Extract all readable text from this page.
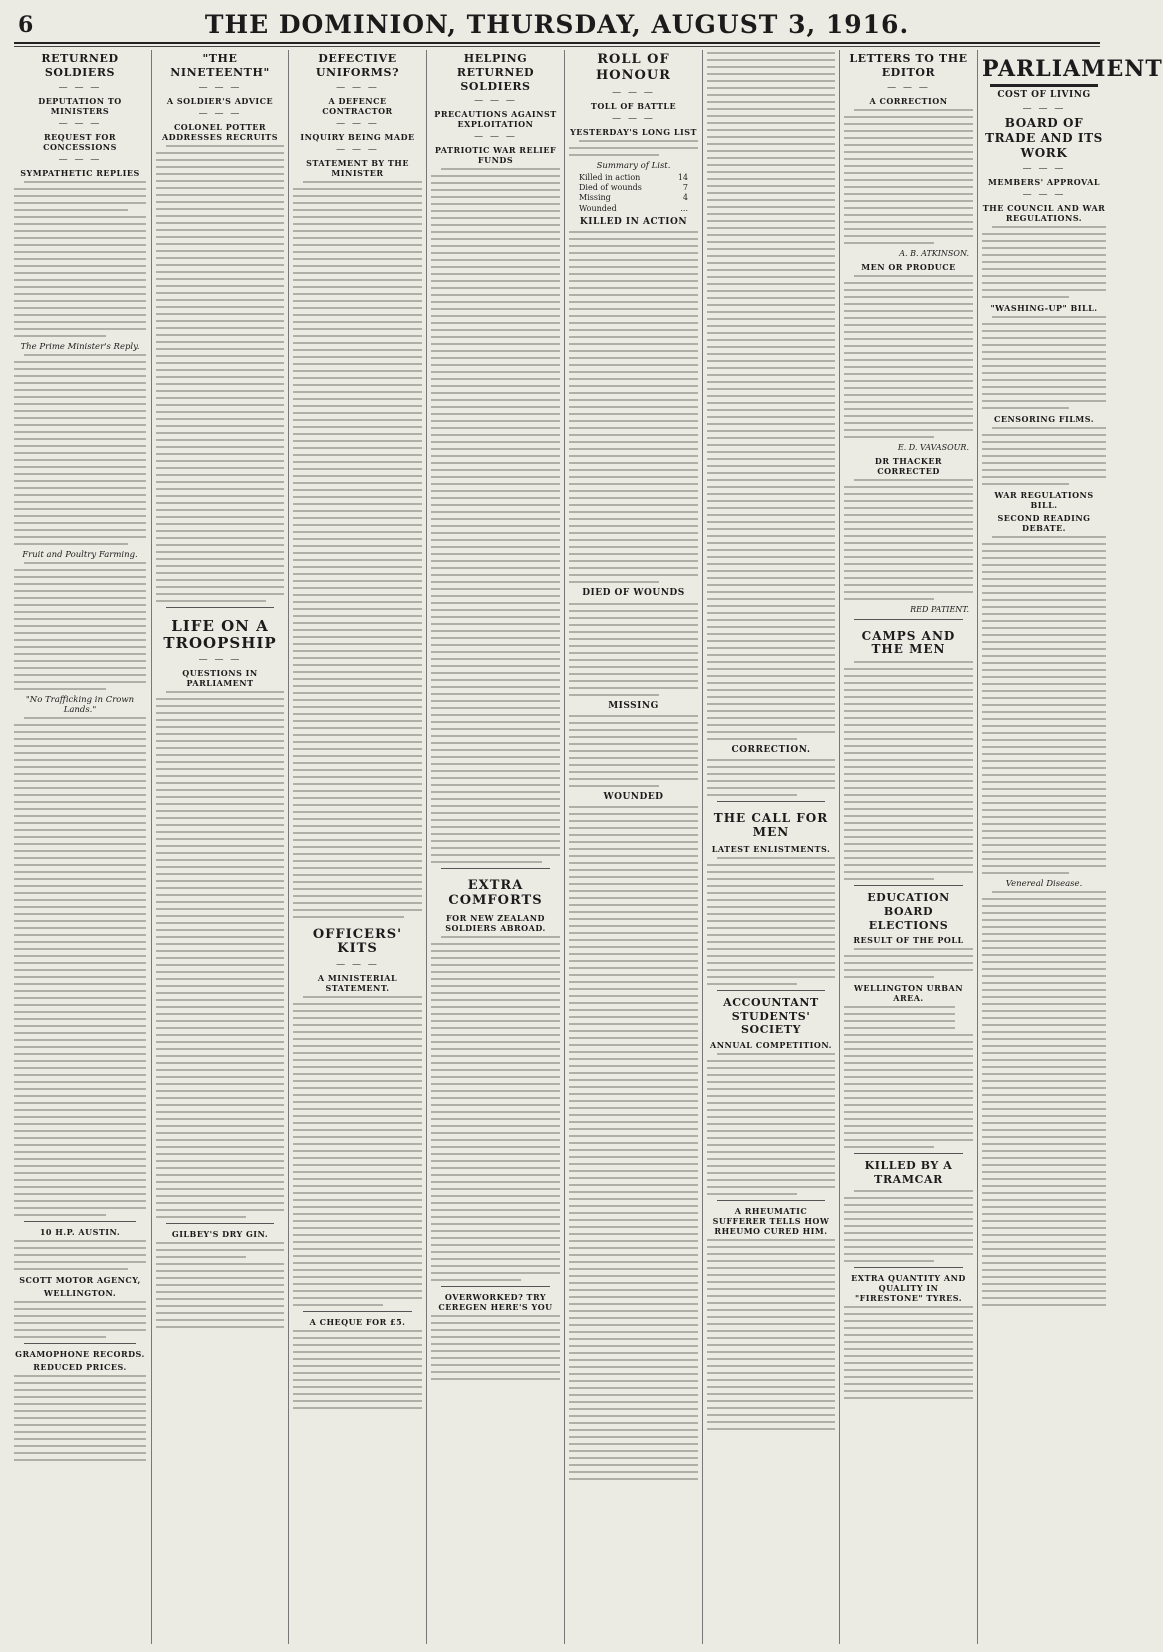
6	THE DOMINION, THURSDAY, AUGUST 3, 1916.
RETURNED SOLDIERS
— — —
DEPUTATION TO MINISTERS
— — —
REQUEST FOR CONCESSIONS
— — —
SYMPATHETIC REPLIES
The Prime Minister's Reply.
Fruit and Poultry Farming.
"No Trafficking in Crown Lands."
10 H.P. AUSTIN.
SCOTT MOTOR AGENCY,
WELLINGTON.
GRAMOPHONE RECORDS.
REDUCED PRICES.
"THE NINETEENTH"
— — —
A SOLDIER'S ADVICE
— — —
COLONEL POTTER ADDRESSES RECRUITS
LIFE ON A TROOPSHIP
— — —
QUESTIONS IN PARLIAMENT
GILBEY'S DRY GIN.
DEFECTIVE UNIFORMS?
— — —
A DEFENCE CONTRACTOR
— — —
INQUIRY BEING MADE
— — —
STATEMENT BY THE MINISTER
OFFICERS' KITS
— — —
A MINISTERIAL STATEMENT.
A CHEQUE FOR £5.
HELPING RETURNED SOLDIERS
— — —
PRECAUTIONS AGAINST EXPLOITATION
— — —
PATRIOTIC WAR RELIEF FUNDS
EXTRA COMFORTS
FOR NEW ZEALAND SOLDIERS ABROAD.
OVERWORKED? TRY CEREGEN HERE'S YOU
ROLL OF HONOUR
— — —
TOLL OF BATTLE
— — —
YESTERDAY'S LONG LIST
Summary of List.
Killed in action	14
Died of wounds	7
Missing	4
Wounded	...
KILLED IN ACTION
DIED OF WOUNDS
MISSING
WOUNDED
CORRECTION.
THE CALL FOR MEN
LATEST ENLISTMENTS.
ACCOUNTANT STUDENTS' SOCIETY
ANNUAL COMPETITION.
A RHEUMATIC SUFFERER TELLS HOW RHEUMO CURED HIM.
LETTERS TO THE EDITOR
— — —
A CORRECTION
A. B. ATKINSON.
MEN OR PRODUCE
E. D. VAVASOUR.
DR THACKER CORRECTED
RED PATIENT.
CAMPS AND THE MEN
EDUCATION BOARD ELECTIONS
RESULT OF THE POLL
WELLINGTON URBAN AREA.
KILLED BY A TRAMCAR
EXTRA QUANTITY AND QUALITY IN "FIRESTONE" TYRES.
PARLIAMENT
COST OF LIVING
— — —
BOARD OF TRADE AND ITS WORK
— — —
MEMBERS' APPROVAL
— — —
THE COUNCIL AND WAR REGULATIONS.
"WASHING-UP" BILL.
CENSORING FILMS.
WAR REGULATIONS BILL.
SECOND READING DEBATE.
Venereal Disease.
